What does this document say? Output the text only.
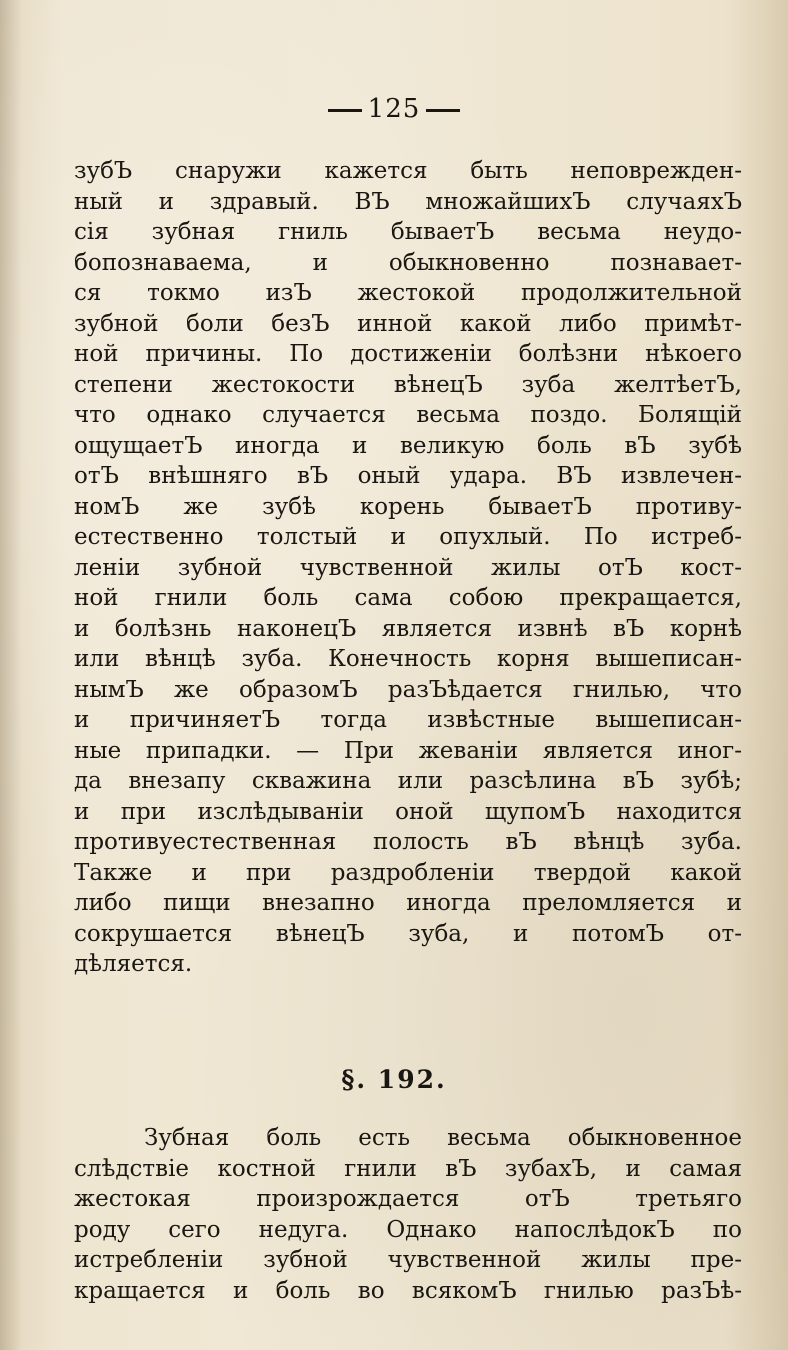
125
зубЪ снаружи кажется быть неповрежден-
ный и здравый. ВЪ множайшихЪ случаяхЪ
сія зубная гниль бываетЪ весьма неудо-
бопознаваема, и обыкновенно познавает-
ся токмо изЪ жестокой продолжительной
зубной боли безЪ инной какой либо примѣт-
ной причины. По достиженіи болѣзни нѣкоего
степени жестокости вѣнецЪ зуба желтѣетЪ,
что однако случается весьма поздо. Болящій
ощущаетЪ иногда и великую боль вЪ зубѣ
отЪ внѣшняго вЪ оный удара. ВЪ извлечен-
номЪ же зубѣ корень бываетЪ противу-
естественно толстый и опухлый. По истреб-
леніи зубной чувственной жилы отЪ кост-
ной гнили боль сама собою прекращается,
и болѣзнь наконецЪ является извнѣ вЪ корнѣ
или вѣнцѣ зуба. Конечность корня вышеписан-
нымЪ же образомЪ разЪѣдается гнилью, что
и причиняетЪ тогда извѣстные вышеписан-
ные припадки. — При жеваніи является иног-
да внезапу скважина или разсѣлина вЪ зубѣ;
и при изслѣдываніи оной щупомЪ находится
противуестественная полость вЪ вѣнцѣ зуба.
Также и при раздробленіи твердой какой
либо пищи внезапно иногда преломляется и
сокрушается вѣнецЪ зуба, и потомЪ от-
дѣляется.
§. 192.
Зубная боль есть весьма обыкновенное
слѣдствіе костной гнили вЪ зубахЪ, и самая
жестокая произрождается отЪ третьяго
роду сего недуга. Однако напослѣдокЪ по
истребленіи зубной чувственной жилы пре-
кращается и боль во всякомЪ гнилью разЪѣ-
